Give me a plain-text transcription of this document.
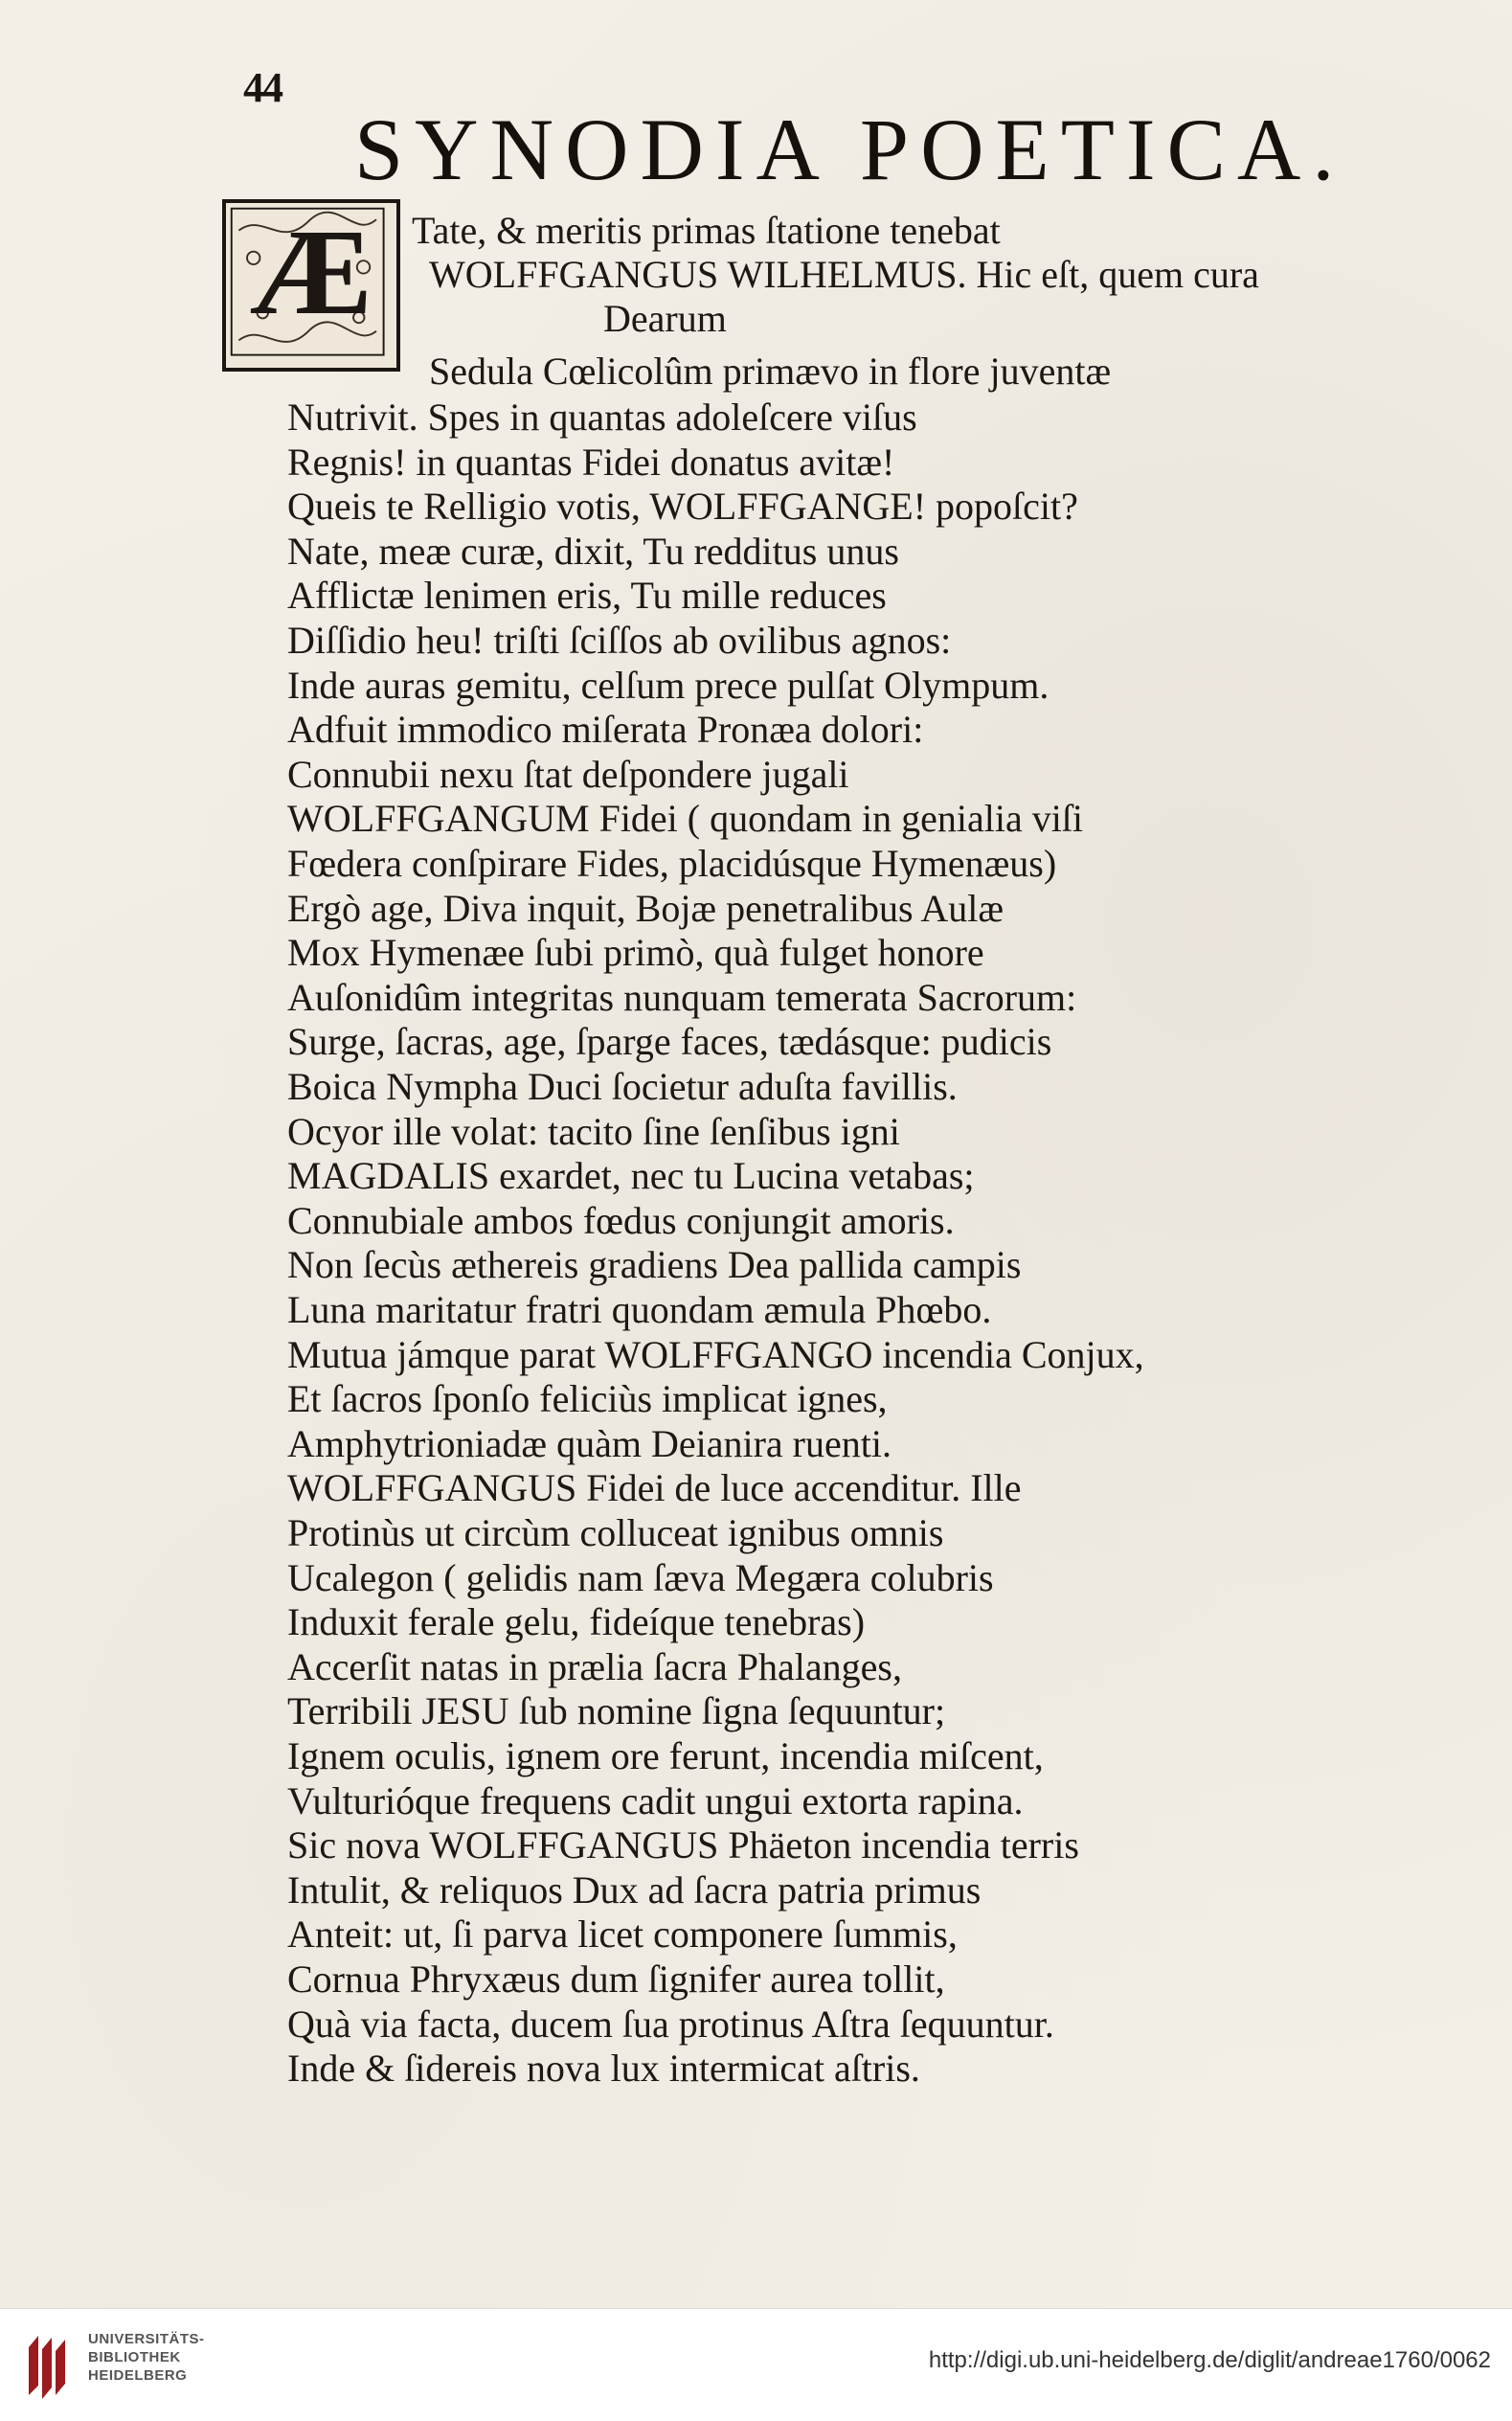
44
SYNODIA POETICA.
Æ	Tate, & meritis primas ſtatione tenebat
WOLFFGANGUS WILHELMUS. Hic eſt, quem cura
Dearum
Sedula Cœlicolûm primævo in flore juventæ
Nutrivit. Spes in quantas adoleſcere viſus
Regnis! in quantas Fidei donatus avitæ!
Queis te Relligio votis, WOLFFGANGE! popoſcit?
Nate, meæ curæ, dixit, Tu redditus unus
Afflictæ lenimen eris, Tu mille reduces
Diſſidio heu! triſti ſciſſos ab ovilibus agnos:
Inde auras gemitu, celſum prece pulſat Olympum.
Adfuit immodico miſerata Pronæa dolori:
Connubii nexu ſtat deſpondere jugali
WOLFFGANGUM Fidei ( quondam in genialia viſi
Fœdera conſpirare Fides, placidúsque Hymenæus)
Ergò age, Diva inquit, Bojæ penetralibus Aulæ
Mox Hymenæe ſubi primò, quà fulget honore
Auſonidûm integritas nunquam temerata Sacrorum:
Surge, ſacras, age, ſparge faces, tædásque: pudicis
Boica Nympha Duci ſocietur aduſta favillis.
Ocyor ille volat: tacito ſine ſenſibus igni
MAGDALIS exardet, nec tu Lucina vetabas;
Connubiale ambos fœdus conjungit amoris.
Non ſecùs æthereis gradiens Dea pallida campis
Luna maritatur fratri quondam æmula Phœbo.
Mutua jámque parat WOLFFGANGO incendia Conjux,
Et ſacros ſponſo feliciùs implicat ignes,
Amphytrioniadæ quàm Deianira ruenti.
WOLFFGANGUS Fidei de luce accenditur. Ille
Protinùs ut circùm colluceat ignibus omnis
Ucalegon ( gelidis nam ſæva Megæra colubris
Induxit ferale gelu, fideíque tenebras)
Accerſit natas in prælia ſacra Phalanges,
Terribili JESU ſub nomine ſigna ſequuntur;
Ignem oculis, ignem ore ferunt, incendia miſcent,
Vulturióque frequens cadit ungui extorta rapina.
Sic nova WOLFFGANGUS Phäeton incendia terris
Intulit, & reliquos Dux ad ſacra patria primus
Anteit: ut, ſi parva licet componere ſummis,
Cornua Phryxæus dum ſignifer aurea tollit,
Quà via facta, ducem ſua protinus Aſtra ſequuntur.
Inde & ſidereis nova lux intermicat aſtris.
UNIVERSITÄTS-
BIBLIOTHEK
HEIDELBERG
http://digi.ub.uni-heidelberg.de/diglit/andreae1760/0062
